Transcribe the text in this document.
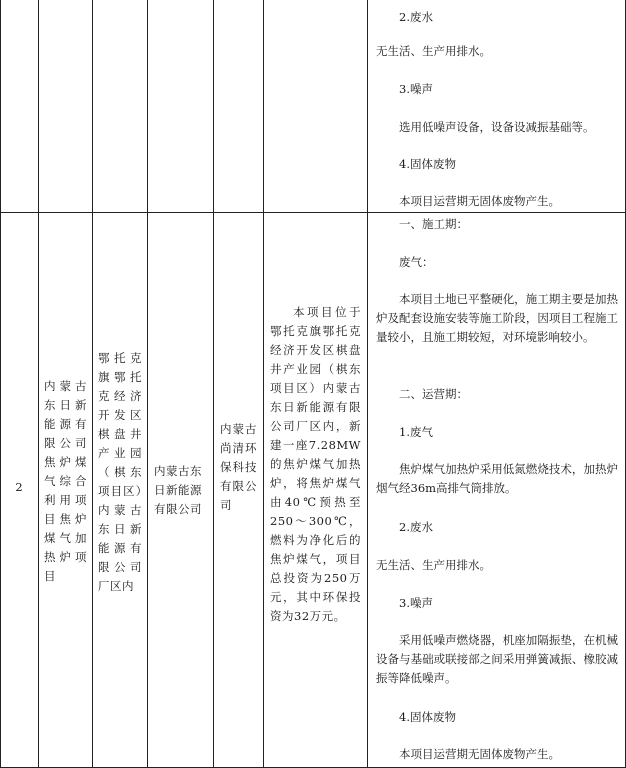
2.废水
无生活、生产用排水。
3.噪声
选用低噪声设备，设备设减振基础等。
4.固体废物
本项目运营期无固体废物产生。
2
内蒙古东日新能源有限公司焦炉煤气综合利用项目焦炉煤气加热炉项目
鄂托克旗鄂托克经济开发区棋盘井产业园（棋东项目区）内蒙古东日新能源有限公司厂区内
内蒙古东日新能源有限公司
内蒙古尚清环保科技有限公司
本项目位于鄂托克旗鄂托克经济开发区棋盘井产业园（棋东项目区）内蒙古东日新能源有限公司厂区内，新建一座7.28MW的焦炉煤气加热炉，将焦炉煤气由40℃预热至250～300℃，燃料为净化后的焦炉煤气，项目总投资为250万元，其中环保投资为32万元。
一、施工期：
废气：
本项目土地已平整硬化，施工期主要是加热炉及配套设施安装等施工阶段，因项目工程施工量较小，且施工期较短，对环境影响较小。
二、运营期：
1.废气
焦炉煤气加热炉采用低氮燃烧技术，加热炉烟气经36m高排气筒排放。
2.废水
无生活、生产用排水。
3.噪声
采用低噪声燃烧器，机座加隔振垫，在机械设备与基础或联接部之间采用弹簧减振、橡胶减振等降低噪声。
4.固体废物
本项目运营期无固体废物产生。
